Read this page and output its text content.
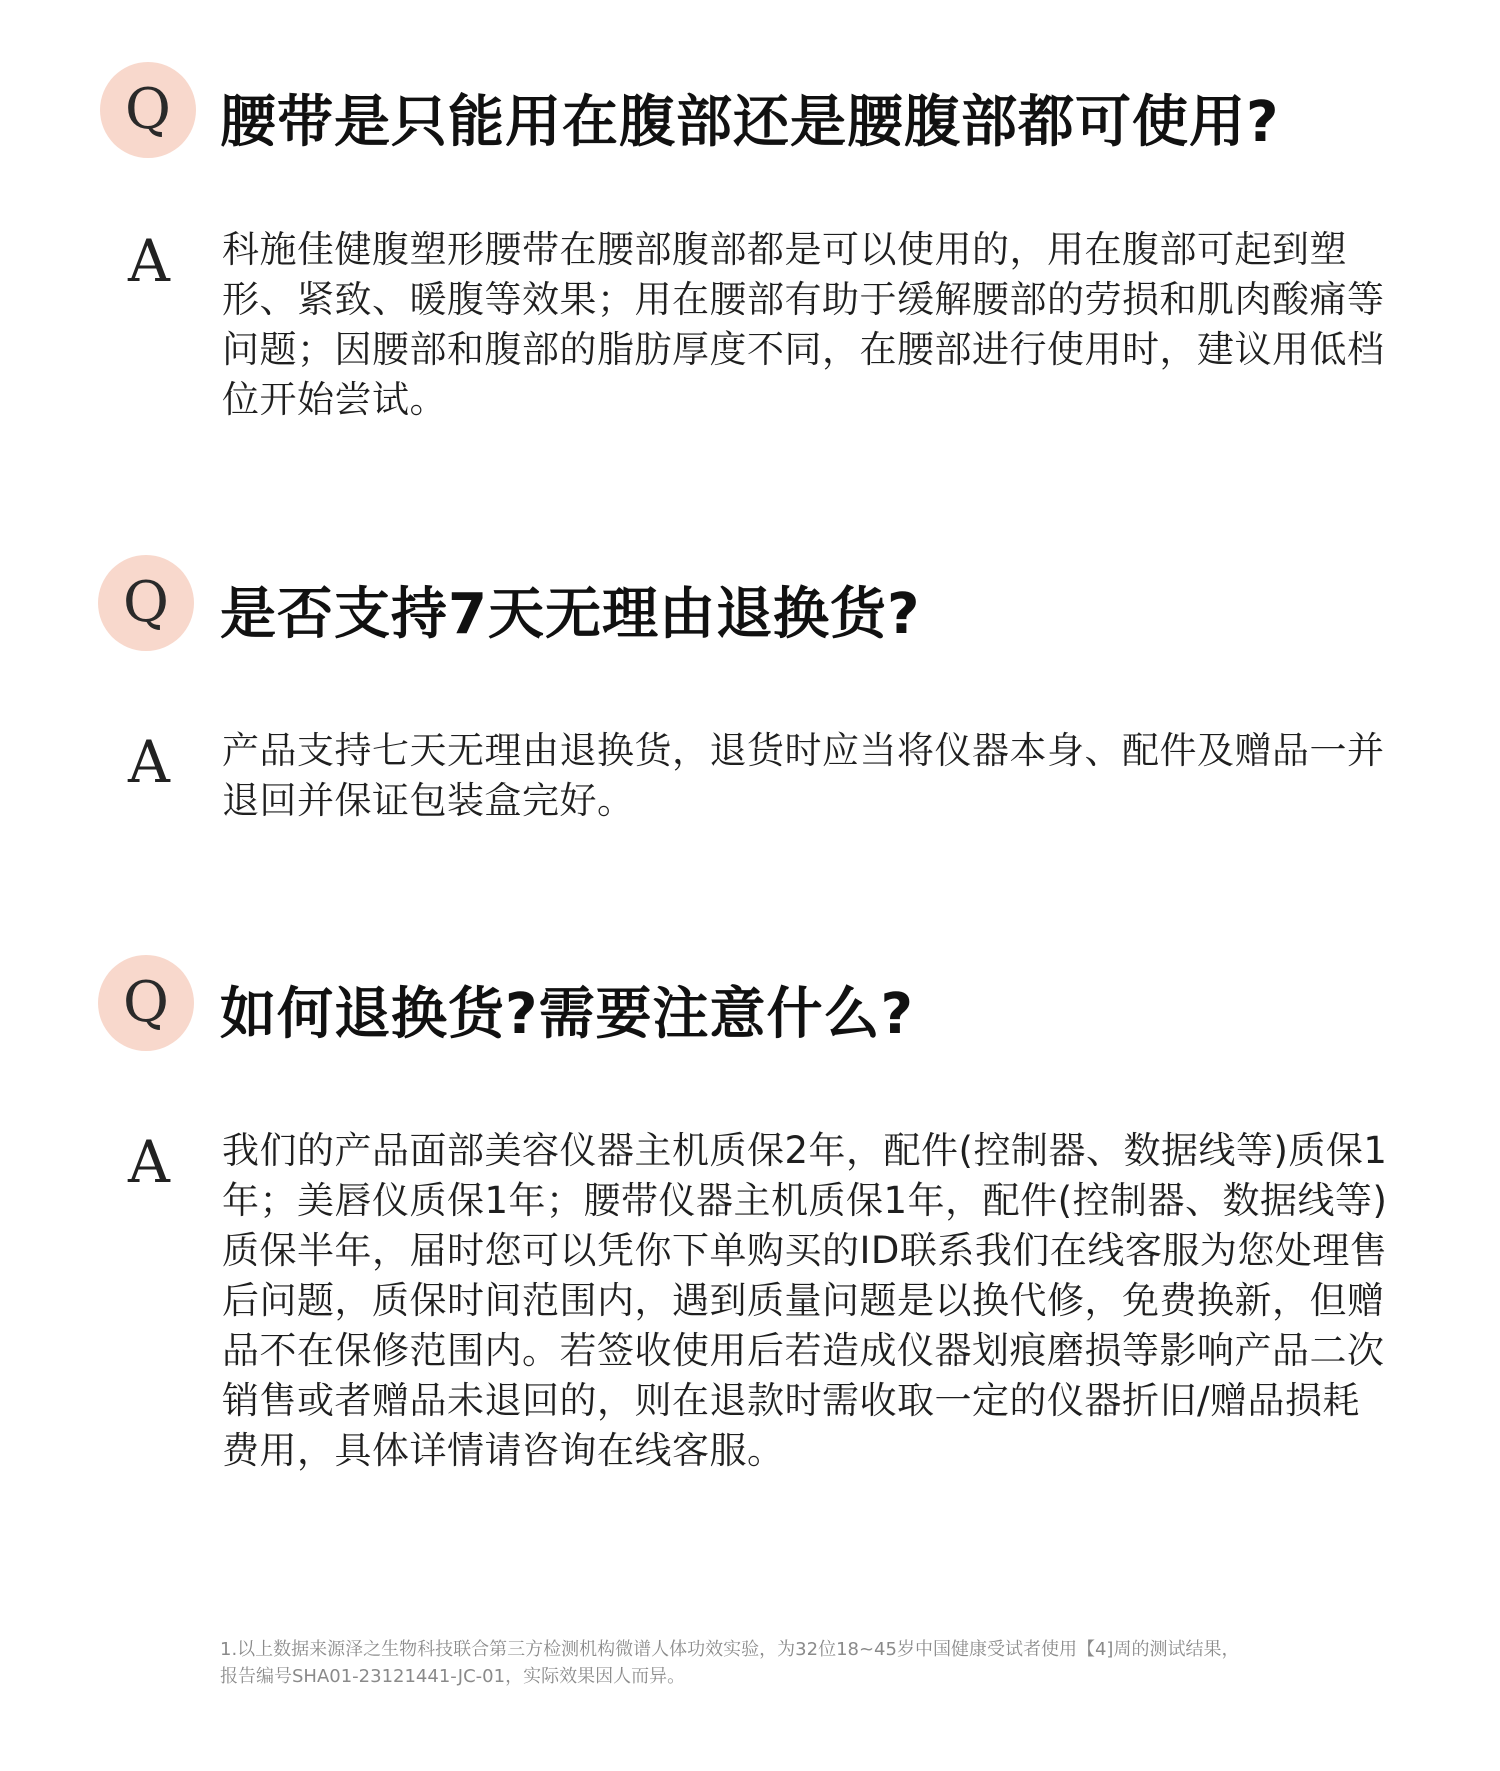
Q 腰带是只能用在腹部还是腰腹部都可使用?
A 科施佳健腹塑形腰带在腰部腹部都是可以使用的，用在腹部可起到塑形、紧致、暖腹等效果；用在腰部有助于缓解腰部的劳损和肌肉酸痛等问题；因腰部和腹部的脂肪厚度不同，在腰部进行使用时，建议用低档位开始尝试。
Q 是否支持7天无理由退换货?
A 产品支持七天无理由退换货，退货时应当将仪器本身、配件及赠品一并退回并保证包装盒完好。
Q 如何退换货?需要注意什么?
A 我们的产品面部美容仪器主机质保2年，配件(控制器、数据线等)质保1年；美唇仪质保1年；腰带仪器主机质保1年，配件(控制器、数据线等)质保半年，届时您可以凭你下单购买的ID联系我们在线客服为您处理售后问题，质保时间范围内，遇到质量问题是以换代修，免费换新，但赠品不在保修范围内。若签收使用后若造成仪器划痕磨损等影响产品二次销售或者赠品未退回的，则在退款时需收取一定的仪器折旧/赠品损耗费用，具体详情请咨询在线客服。
1.以上数据来源泽之生物科技联合第三方检测机构微谱人体功效实验，为32位18~45岁中国健康受试者使用【4]周的测试结果，
报告编号SHA01-23121441-JC-01，实际效果因人而异。
